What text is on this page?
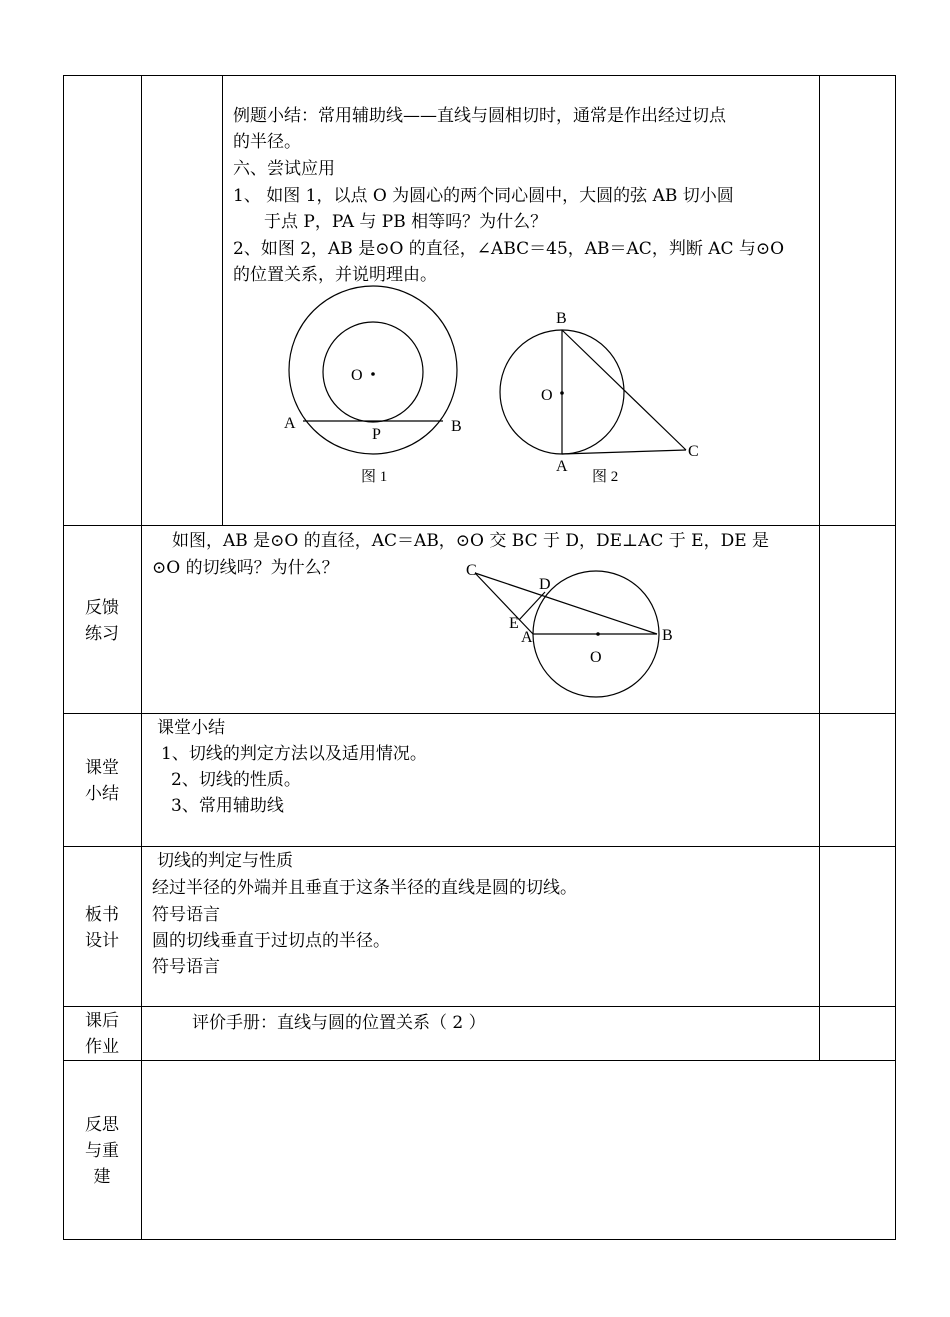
例题小结：常用辅助线——直线与圆相切时，通常是作出经过切点
的半径。
六、尝试应用
1、 如图 1，以点 O 为圆心的两个同心圆中，大圆的弦 AB 切小圆
于点 P，PA 与 PB 相等吗？为什么？
2、如图 2，AB 是⊙O 的直径，∠ABC＝45，AB＝AC，判断 AC 与⊙O
的位置关系，并说明理由。
O
A	B
P
图 1
B
O
A
C
图 2
反馈
练习
如图，AB 是⊙O 的直径，AC＝AB，⊙O 交 BC 于 D，DE⊥AC 于 E，DE 是
⊙O 的切线吗？为什么？	C
D
E
A	B
O
课堂
小结
课堂小结
1、切线的判定方法以及适用情况。
2、切线的性质。
3、常用辅助线
板书
设计
切线的判定与性质
经过半径的外端并且垂直于这条半径的直线是圆的切线。
符号语言
圆的切线垂直于过切点的半径。
符号语言
课后
作业
评价手册：直线与圆的位置关系（ 2 ）
反思
与重
建
